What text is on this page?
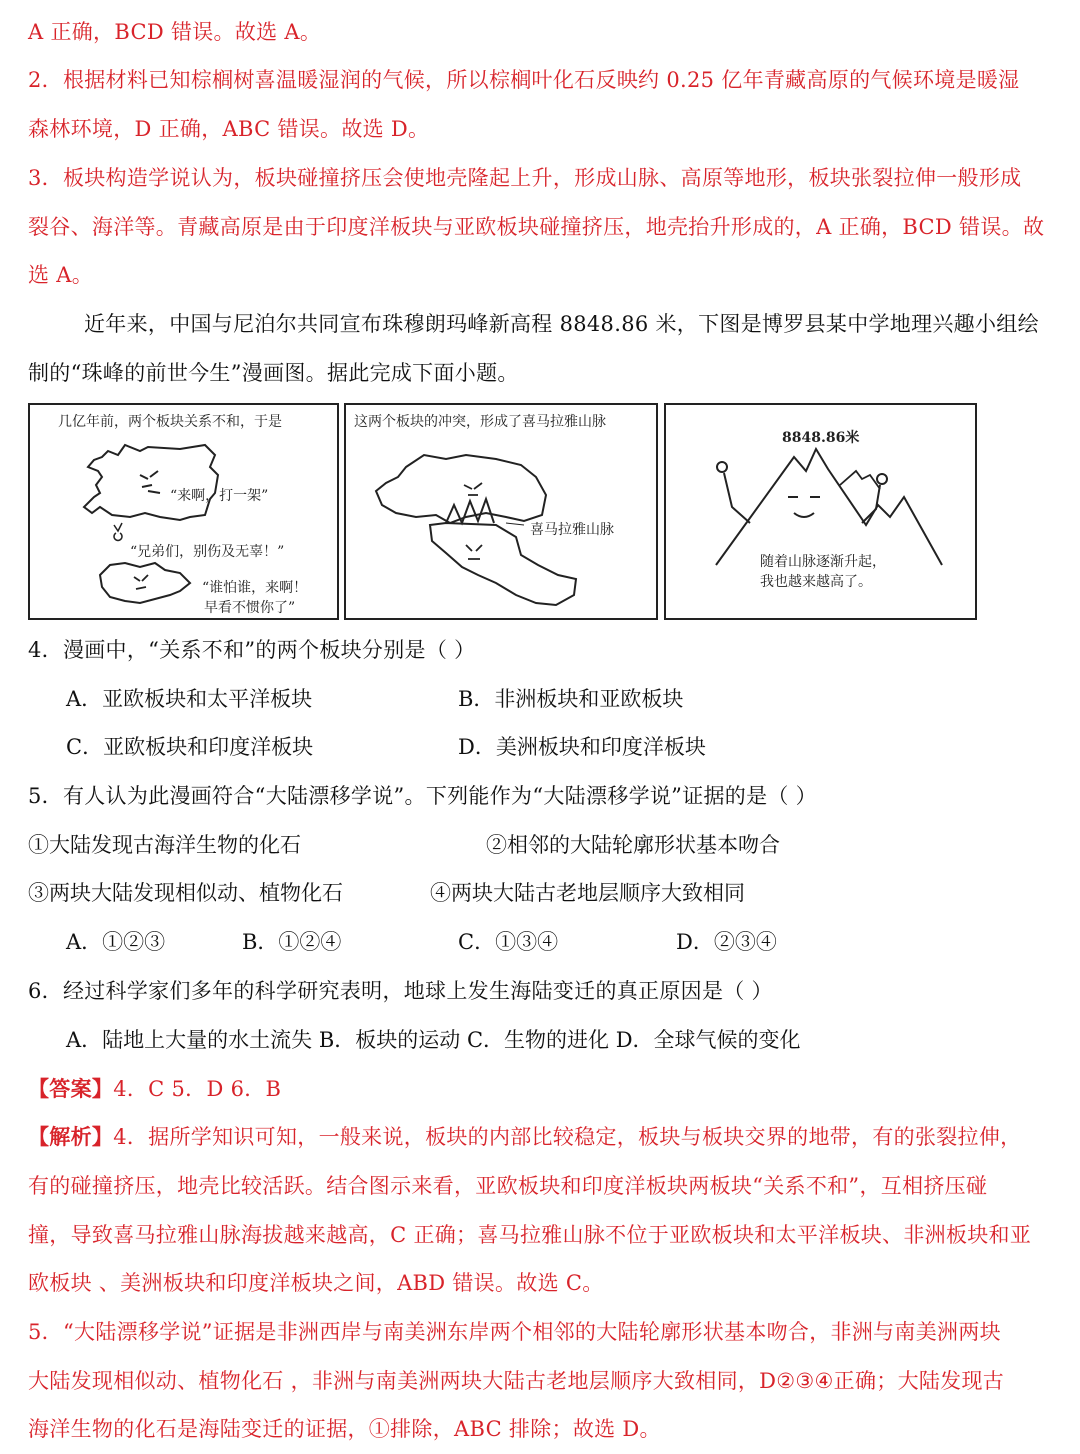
A 正确，BCD 错误。故选 A。
2．根据材料已知棕榈树喜温暖湿润的气候，所以棕榈叶化石反映约 0.25 亿年青藏高原的气候环境是暖湿
森林环境，D 正确，ABC 错误。故选 D。
3．板块构造学说认为，板块碰撞挤压会使地壳隆起上升，形成山脉、高原等地形，板块张裂拉伸一般形成
裂谷、海洋等。青藏高原是由于印度洋板块与亚欧板块碰撞挤压，地壳抬升形成的，A 正确，BCD 错误。故
选 A。
近年来，中国与尼泊尔共同宣布珠穆朗玛峰新高程 8848.86 米，下图是博罗县某中学地理兴趣小组绘
制的“珠峰的前世今生”漫画图。据此完成下面小题。
几亿年前，两个板块关系不和，于是
“来啊，打一架”
“兄弟们，别伤及无辜！”
“谁怕谁，来啊！
早看不惯你了”
这两个板块的冲突，形成了喜马拉雅山脉
喜马拉雅山脉
8848.86米
随着山脉逐渐升起，
我也越来越高了。
4．漫画中，“关系不和”的两个板块分别是（ ）
A．亚欧板块和太平洋板块	B．非洲板块和亚欧板块
C．亚欧板块和印度洋板块	D．美洲板块和印度洋板块
5．有人认为此漫画符合“大陆漂移学说”。下列能作为“大陆漂移学说”证据的是（ ）
①大陆发现古海洋生物的化石	②相邻的大陆轮廓形状基本吻合
③两块大陆发现相似动、植物化石	④两块大陆古老地层顺序大致相同
A．①②③	B．①②④	C．①③④	D．②③④
6．经过科学家们多年的科学研究表明，地球上发生海陆变迁的真正原因是（ ）
A．陆地上大量的水土流失 B．板块的运动 C．生物的进化 D．全球气候的变化
【答案】4．C 5．D 6．B
【解析】4．据所学知识可知，一般来说，板块的内部比较稳定，板块与板块交界的地带，有的张裂拉伸，
有的碰撞挤压，地壳比较活跃。结合图示来看，亚欧板块和印度洋板块两板块“关系不和”，互相挤压碰
撞，导致喜马拉雅山脉海拔越来越高，C 正确；喜马拉雅山脉不位于亚欧板块和太平洋板块、非洲板块和亚
欧板块 、美洲板块和印度洋板块之间，ABD 错误。故选 C。
5．“大陆漂移学说”证据是非洲西岸与南美洲东岸两个相邻的大陆轮廓形状基本吻合，非洲与南美洲两块
大陆发现相似动、植物化石 ，非洲与南美洲两块大陆古老地层顺序大致相同，D②③④正确；大陆发现古
海洋生物的化石是海陆变迁的证据，①排除，ABC 排除；故选 D。
